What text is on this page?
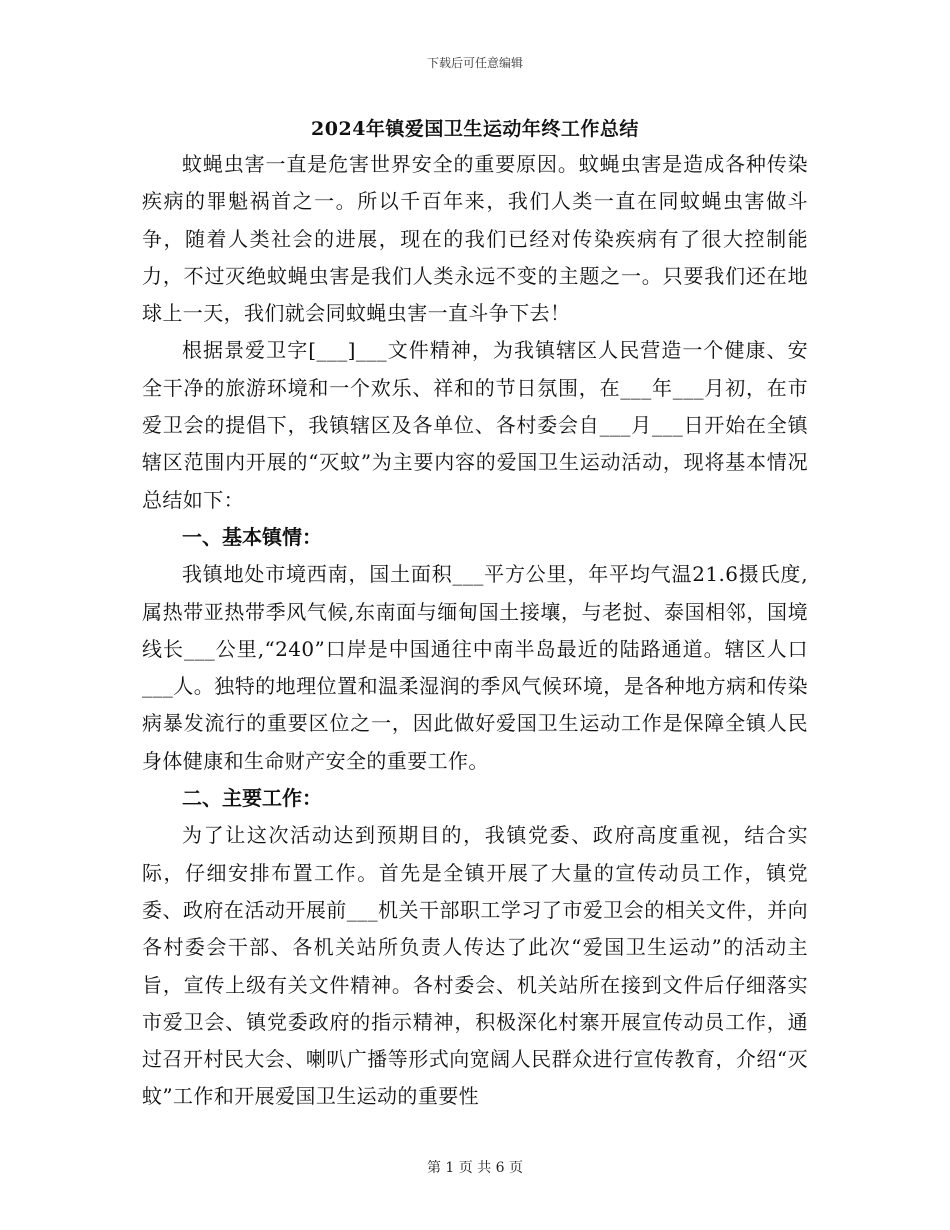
下载后可任意编辑
2024年镇爱国卫生运动年终工作总结

蚊蝇虫害一直是危害世界安全的重要原因。蚊蝇虫害是造成各种传染疾病的罪魁祸首之一。所以千百年来，我们人类一直在同蚊蝇虫害做斗争，随着人类社会的进展，现在的我们已经对传染疾病有了很大控制能力，不过灭绝蚊蝇虫害是我们人类永远不变的主题之一。只要我们还在地球上一天，我们就会同蚊蝇虫害一直斗争下去！

根据景爱卫字[___]___文件精神，为我镇辖区人民营造一个健康、安全干净的旅游环境和一个欢乐、祥和的节日氛围，在___年___月初，在市爱卫会的提倡下，我镇辖区及各单位、各村委会自___月___日开始在全镇辖区范围内开展的“灭蚊”为主要内容的爱国卫生运动活动，现将基本情况总结如下：

一、基本镇情：

我镇地处市境西南，国土面积___平方公里，年平均气温21.6摄氏度,属热带亚热带季风气候,东南面与缅甸国土接壤，与老挝、泰国相邻，国境线长___公里,“240”口岸是中国通往中南半岛最近的陆路通道。辖区人口___人。独特的地理位置和温柔湿润的季风气候环境，是各种地方病和传染病暴发流行的重要区位之一，因此做好爱国卫生运动工作是保障全镇人民身体健康和生命财产安全的重要工作。

二、主要工作：

为了让这次活动达到预期目的，我镇党委、政府高度重视，结合实际，仔细安排布置工作。首先是全镇开展了大量的宣传动员工作，镇党委、政府在活动开展前___机关干部职工学习了市爱卫会的相关文件，并向各村委会干部、各机关站所负责人传达了此次“爱国卫生运动”的活动主旨，宣传上级有关文件精神。各村委会、机关站所在接到文件后仔细落实市爱卫会、镇党委政府的指示精神，积极深化村寨开展宣传动员工作，通过召开村民大会、喇叭广播等形式向宽阔人民群众进行宣传教育，介绍“灭蚊”工作和开展爱国卫生运动的重要性

第 1 页 共 6 页
